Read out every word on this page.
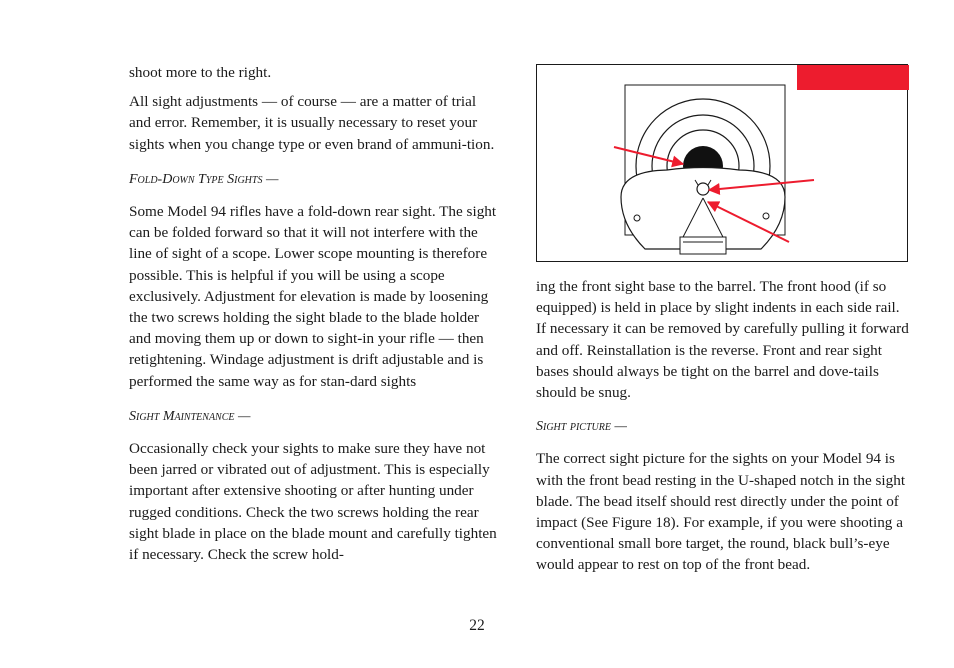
shoot more to the right.

All sight adjustments — of course — are a matter of trial and error. Remember, it is usually necessary to reset your sights when you change type or even brand of ammuni-tion.

Fold-Down Type Sights —

Some Model 94 rifles have a fold-down rear sight. The sight can be folded forward so that it will not interfere with the line of sight of a scope. Lower scope mounting is therefore possible. This is helpful if you will be using a scope exclusively. Adjustment for elevation is made by loosening the two screws holding the sight blade to the blade holder and moving them up or down to sight-in your rifle — then retightening. Windage adjustment is drift adjustable and is performed the same way as for stan-dard sights

Sight Maintenance —

Occasionally check your sights to make sure they have not been jarred or vibrated out of adjustment. This is especially important after extensive shooting or after hunting under rugged conditions. Check the two screws holding the rear sight blade in place on the blade mount and carefully tighten if necessary. Check the screw hold-

ing the front sight base to the barrel. The front hood (if so equipped) is held in place by slight indents in each side rail. If necessary it can be removed by carefully pulling it forward and off. Reinstallation is the reverse. Front and rear sight bases should always be tight on the barrel and dove-tails should be snug.

Sight picture —

The correct sight picture for the sights on your Model 94 is with the front bead resting in the U-shaped notch in the sight blade. The bead itself should rest directly under the point of impact (See Figure 18). For example, if you were shooting a conventional small bore target, the round, black bull’s-eye would appear to rest on top of the front bead.

22
